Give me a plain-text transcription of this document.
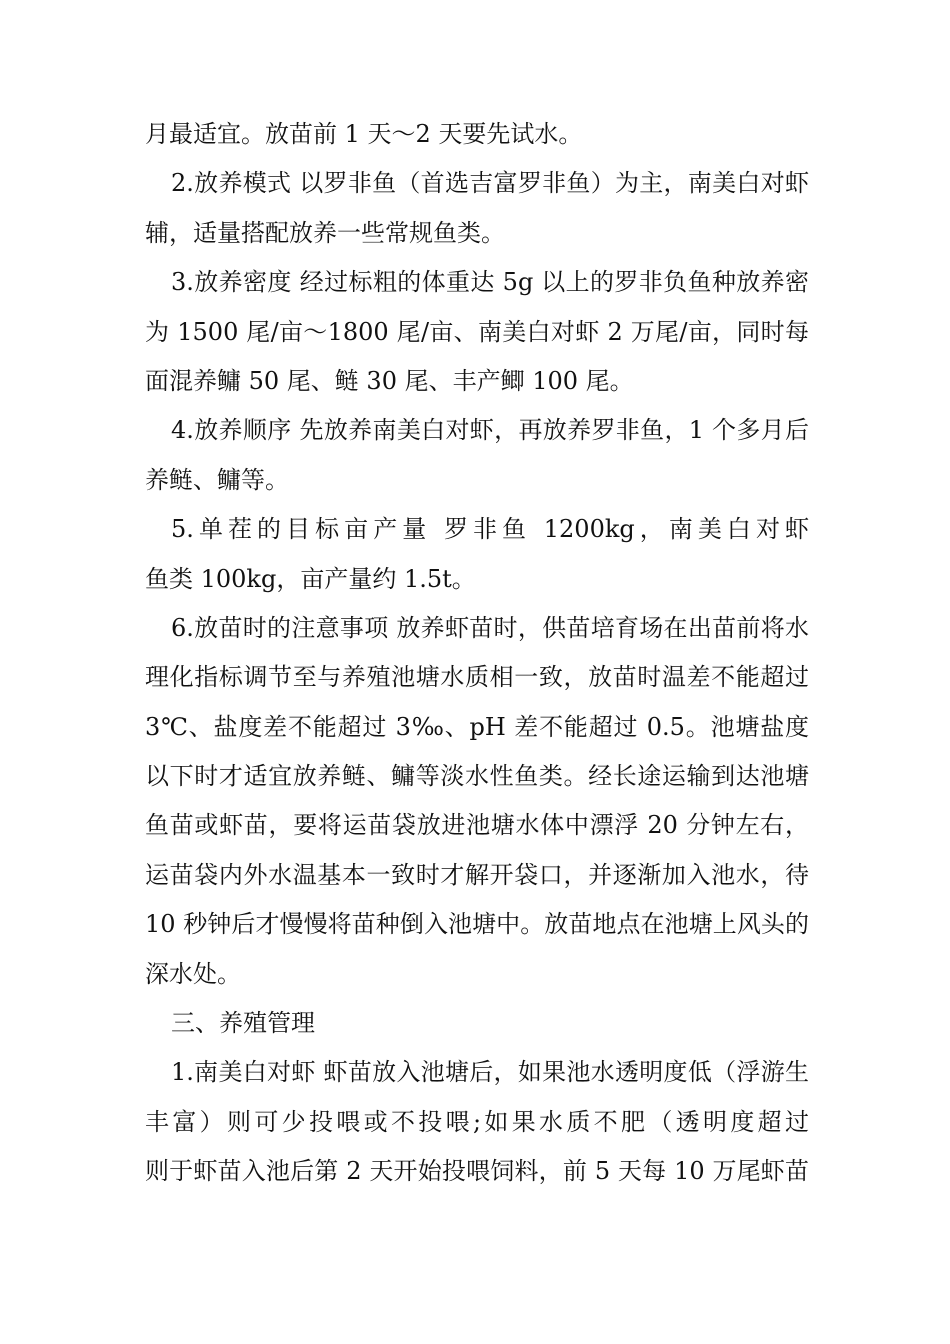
月最适宜。放苗前 1 天～2 天要先试水。
2.放养模式 以罗非鱼（首选吉富罗非鱼）为主，南美白对虾
辅，适量搭配放养一些常规鱼类。
3.放养密度 经过标粗的体重达 5g 以上的罗非负鱼种放养密
为 1500 尾/亩～1800 尾/亩、南美白对虾 2 万尾/亩，同时每
面混养鳙 50 尾、鲢 30 尾、丰产鲫 100 尾。
4.放养顺序 先放养南美白对虾，再放养罗非鱼，1 个多月后
养鲢、鳙等。
5.单茬的目标亩产量 罗非鱼 1200kg，南美白对虾
鱼类 100kg，亩产量约 1.5t。
6.放苗时的注意事项 放养虾苗时，供苗培育场在出苗前将水
理化指标调节至与养殖池塘水质相一致，放苗时温差不能超过
3℃、盐度差不能超过 3‰、pH 差不能超过 0.5。池塘盐度
以下时才适宜放养鲢、鳙等淡水性鱼类。经长途运输到达池塘
鱼苗或虾苗，要将运苗袋放进池塘水体中漂浮 20 分钟左右，
运苗袋内外水温基本一致时才解开袋口，并逐渐加入池水，待
10 秒钟后才慢慢将苗种倒入池塘中。放苗地点在池塘上风头的
深水处。
三、养殖管理
1.南美白对虾 虾苗放入池塘后，如果池水透明度低（浮游生
丰富）则可少投喂或不投喂;如果水质不肥（透明度超过
则于虾苗入池后第 2 天开始投喂饲料，前 5 天每 10 万尾虾苗
